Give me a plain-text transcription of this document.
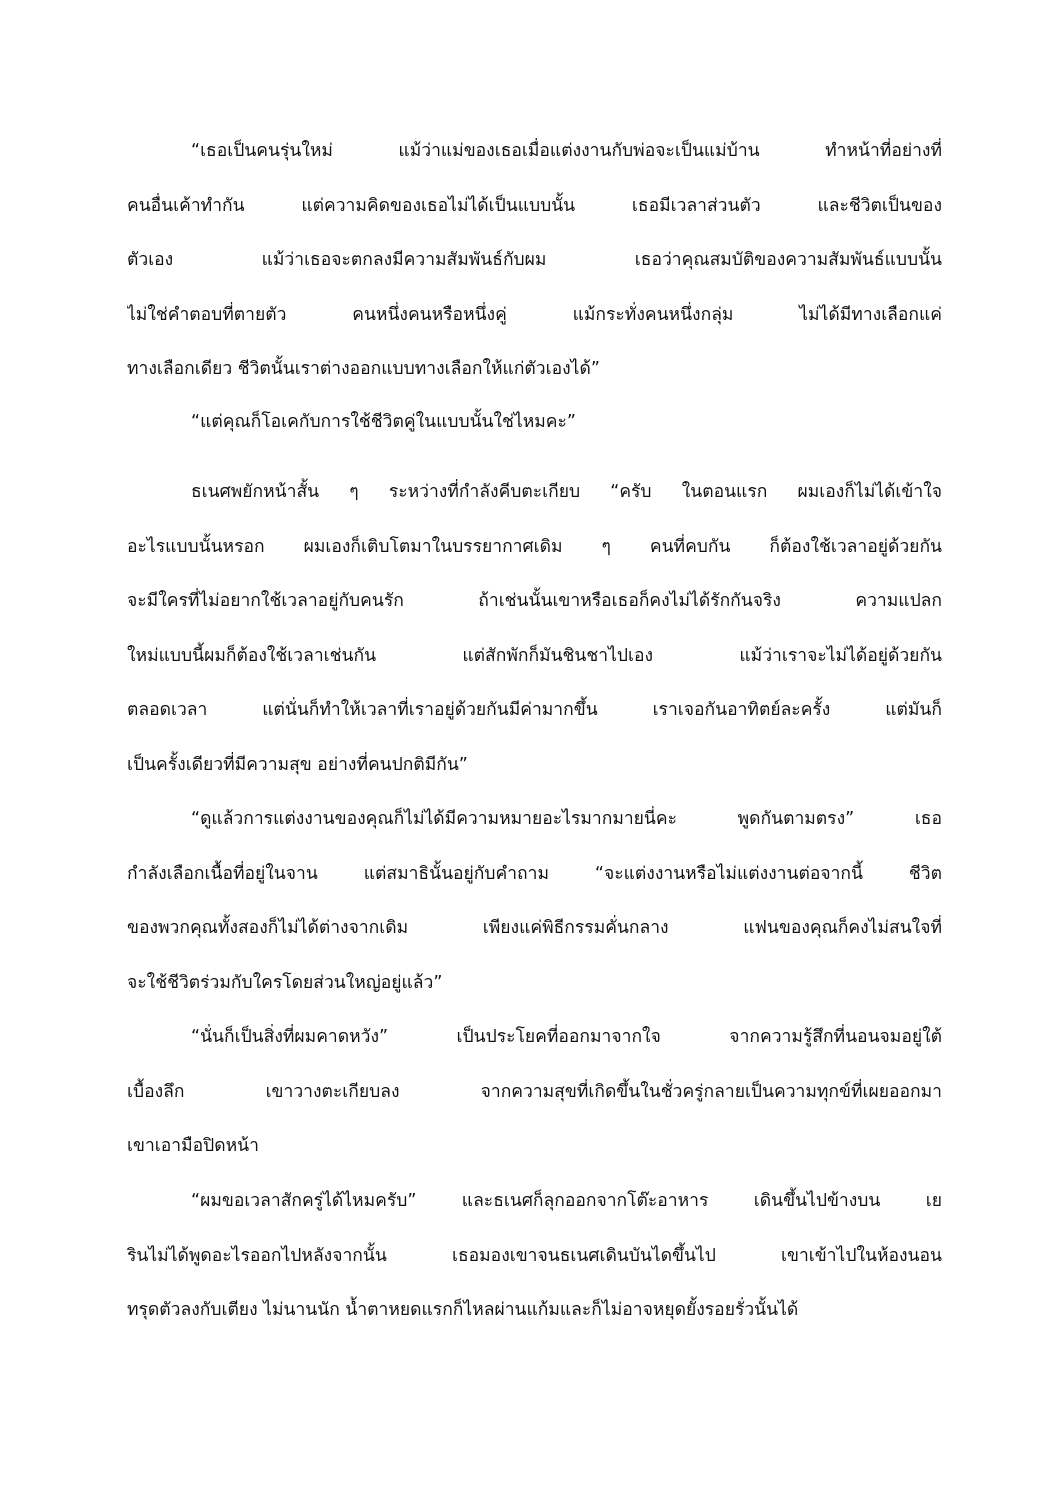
“เธอเป็นคนรุ่นใหม่ แม้ว่าแม่ของเธอเมื่อแต่งงานกับพ่อจะเป็นแม่บ้าน ทำหน้าที่อย่างที่
คนอื่นเค้าทำกัน แต่ความคิดของเธอไม่ได้เป็นแบบนั้น เธอมีเวลาส่วนตัว และชีวิตเป็นของ
ตัวเอง แม้ว่าเธอจะตกลงมีความสัมพันธ์กับผม เธอว่าคุณสมบัติของความสัมพันธ์แบบนั้น
ไม่ใช่คำตอบที่ตายตัว คนหนึ่งคนหรือหนึ่งคู่ แม้กระทั่งคนหนึ่งกลุ่ม ไม่ได้มีทางเลือกแค่
ทางเลือกเดียว ชีวิตนั้นเราต่างออกแบบทางเลือกให้แก่ตัวเองได้”
“แต่คุณก็โอเคกับการใช้ชีวิตคู่ในแบบนั้นใช่ไหมคะ”
ธเนศพยักหน้าสั้น ๆ ระหว่างที่กำลังคีบตะเกียบ “ครับ ในตอนแรก ผมเองก็ไม่ได้เข้าใจ
อะไรแบบนั้นหรอก ผมเองก็เติบโตมาในบรรยากาศเดิม ๆ คนที่คบกัน ก็ต้องใช้เวลาอยู่ด้วยกัน
จะมีใครที่ไม่อยากใช้เวลาอยู่กับคนรัก ถ้าเช่นนั้นเขาหรือเธอก็คงไม่ได้รักกันจริง ความแปลก
ใหม่แบบนี้ผมก็ต้องใช้เวลาเช่นกัน แต่สักพักก็มันชินชาไปเอง แม้ว่าเราจะไม่ได้อยู่ด้วยกัน
ตลอดเวลา แต่นั่นก็ทำให้เวลาที่เราอยู่ด้วยกันมีค่ามากขึ้น เราเจอกันอาทิตย์ละครั้ง แต่มันก็
เป็นครั้งเดียวที่มีความสุข อย่างที่คนปกติมีกัน”
“ดูแล้วการแต่งงานของคุณก็ไม่ได้มีความหมายอะไรมากมายนี่คะ พูดกันตามตรง” เธอ
กำลังเลือกเนื้อที่อยู่ในจาน แต่สมาธินั้นอยู่กับคำถาม “จะแต่งงานหรือไม่แต่งงานต่อจากนี้ ชีวิต
ของพวกคุณทั้งสองก็ไม่ได้ต่างจากเดิม เพียงแค่พิธีกรรมคั่นกลาง แฟนของคุณก็คงไม่สนใจที่
จะใช้ชีวิตร่วมกับใครโดยส่วนใหญ่อยู่แล้ว”
“นั่นก็เป็นสิ่งที่ผมคาดหวัง” เป็นประโยคที่ออกมาจากใจ จากความรู้สึกที่นอนจมอยู่ใต้
เบื้องลึก เขาวางตะเกียบลง จากความสุขที่เกิดขึ้นในชั่วครู่กลายเป็นความทุกข์ที่เผยออกมา
เขาเอามือปิดหน้า
“ผมขอเวลาสักครู่ได้ไหมครับ” และธเนศก็ลุกออกจากโต๊ะอาหาร เดินขึ้นไปข้างบน เย
รินไม่ได้พูดอะไรออกไปหลังจากนั้น เธอมองเขาจนธเนศเดินบันไดขึ้นไป เขาเข้าไปในห้องนอน
ทรุดตัวลงกับเตียง ไม่นานนัก น้ำตาหยดแรกก็ไหลผ่านแก้มและก็ไม่อาจหยุดยั้งรอยรั่วนั้นได้
